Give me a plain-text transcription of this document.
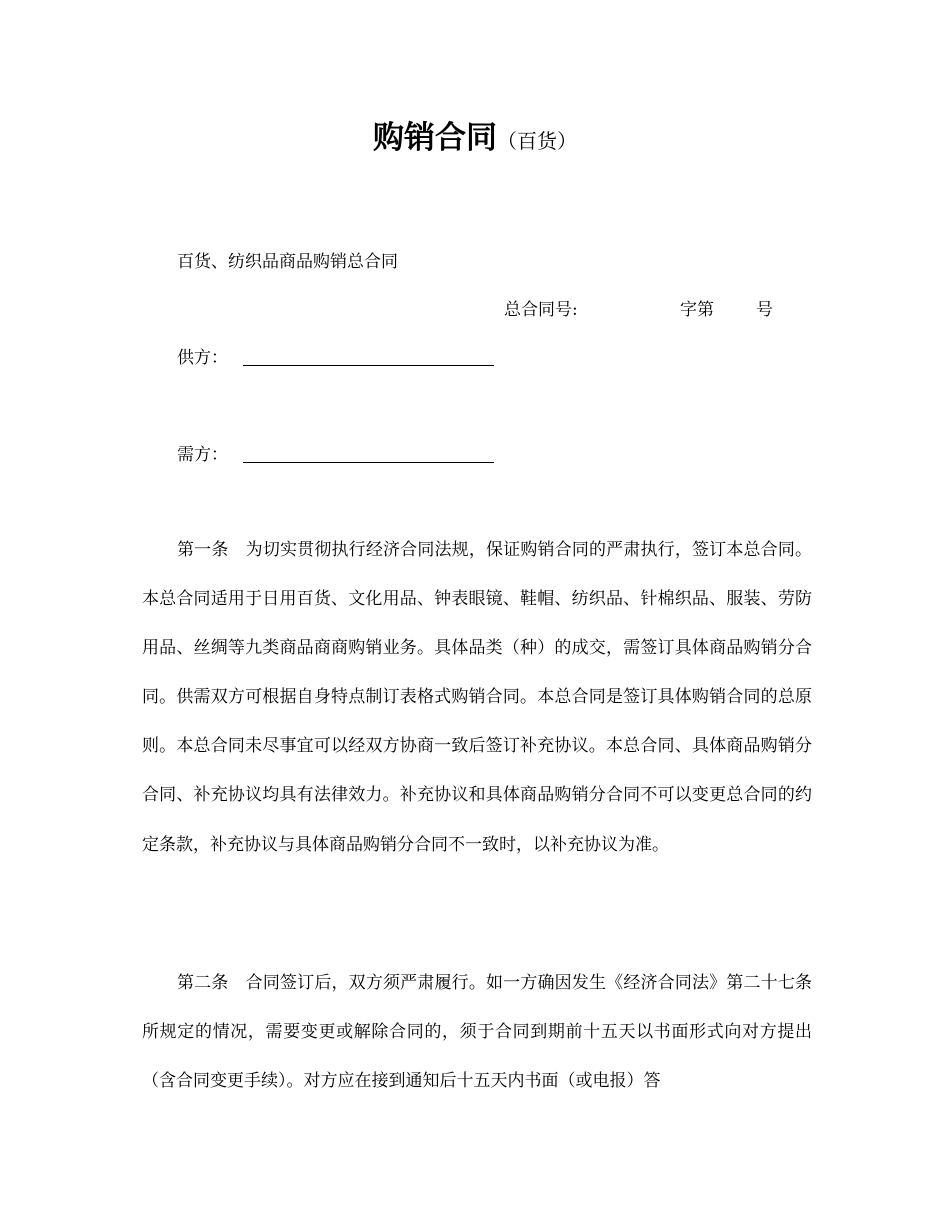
购销合同（百货）
百货、纺织品商品购销总合同
总合同号:	字第 号
供方：
需方：

第一条　为切实贯彻执行经济合同法规，保证购销合同的严肃执行，签订本总合同。本总合同适用于日用百货、文化用品、钟表眼镜、鞋帽、纺织品、针棉织品、服装、劳防用品、丝绸等九类商品商商购销业务。具体品类（种）的成交，需签订具体商品购销分合同。供需双方可根据自身特点制订表格式购销合同。本总合同是签订具体购销合同的总原则。本总合同未尽事宜可以经双方协商一致后签订补充协议。本总合同、具体商品购销分合同、补充协议均具有法律效力。补充协议和具体商品购销分合同不可以变更总合同的约定条款，补充协议与具体商品购销分合同不一致时，以补充协议为准。

第二条　合同签订后，双方须严肃履行。如一方确因发生《经济合同法》第二十七条所规定的情况，需要变更或解除合同的，须于合同到期前十五天以书面形式向对方提出（含合同变更手续）。对方应在接到通知后十五天内书面（或电报）答
